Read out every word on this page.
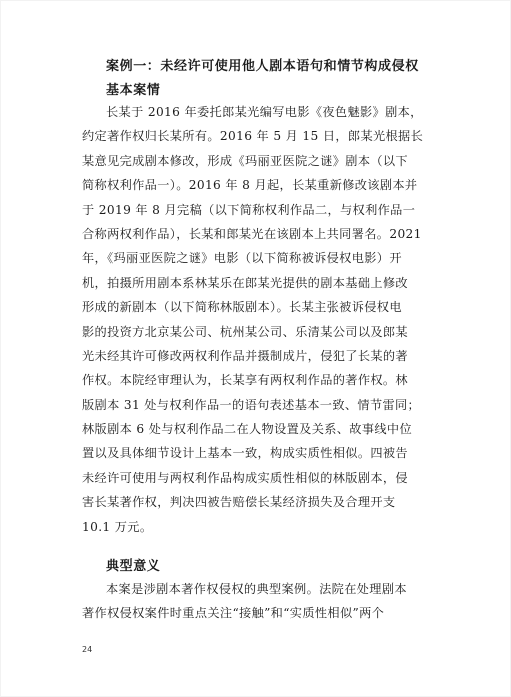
案例一：未经许可使用他人剧本语句和情节构成侵权
基本案情
长某于 2016 年委托郎某光编写电影《夜色魅影》剧本，
约定著作权归长某所有。2016 年 5 月 15 日，郎某光根据长
某意见完成剧本修改，形成《玛丽亚医院之谜》剧本（以下
简称权利作品一）。2016 年 8 月起，长某重新修改该剧本并
于 2019 年 8 月完稿（以下简称权利作品二，与权利作品一
合称两权利作品），长某和郎某光在该剧本上共同署名。2021
年，《玛丽亚医院之谜》电影（以下简称被诉侵权电影）开
机，拍摄所用剧本系林某乐在郎某光提供的剧本基础上修改
形成的新剧本（以下简称林版剧本）。长某主张被诉侵权电
影的投资方北京某公司、杭州某公司、乐清某公司以及郎某
光未经其许可修改两权利作品并摄制成片，侵犯了长某的著
作权。本院经审理认为，长某享有两权利作品的著作权。林
版剧本 31 处与权利作品一的语句表述基本一致、情节雷同；
林版剧本 6 处与权利作品二在人物设置及关系、故事线中位
置以及具体细节设计上基本一致，构成实质性相似。四被告
未经许可使用与两权利作品构成实质性相似的林版剧本，侵
害长某著作权，判决四被告赔偿长某经济损失及合理开支
10.1 万元。
典型意义
本案是涉剧本著作权侵权的典型案例。法院在处理剧本
著作权侵权案件时重点关注“接触”和“实质性相似”两个
24
